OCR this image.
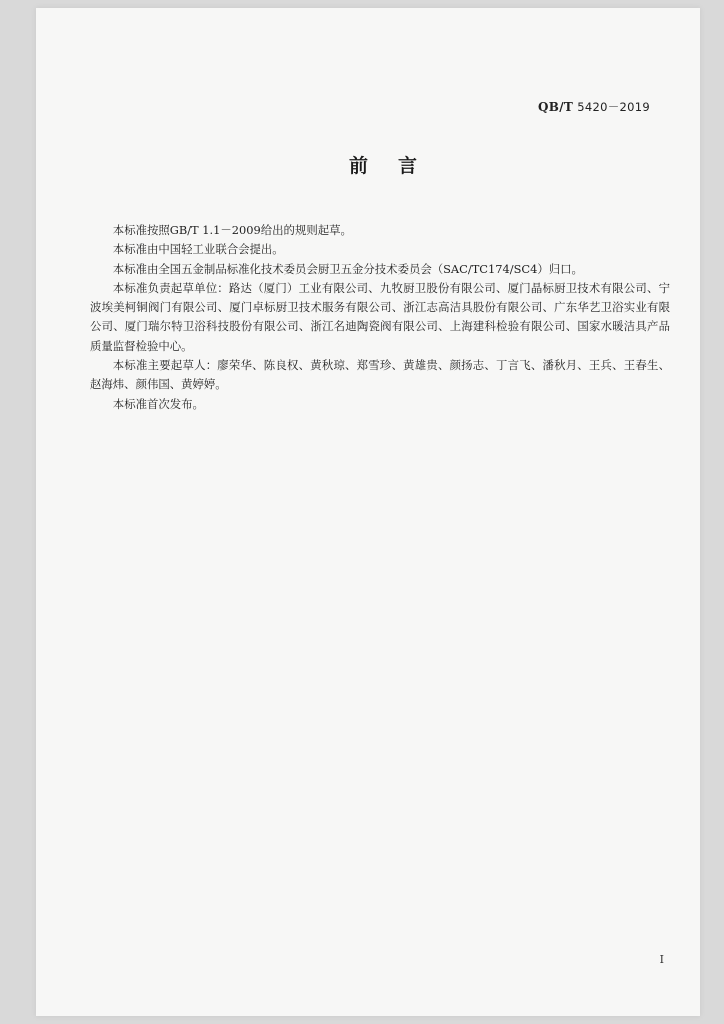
QB/T 5420－2019
前言

本标准按照GB/T 1.1－2009给出的规则起草。

本标准由中国轻工业联合会提出。

本标准由全国五金制品标准化技术委员会厨卫五金分技术委员会（SAC/TC174/SC4）归口。

本标准负责起草单位：路达（厦门）工业有限公司、九牧厨卫股份有限公司、厦门晶标厨卫技术有限公司、宁波埃美柯铜阀门有限公司、厦门卓标厨卫技术服务有限公司、浙江志高洁具股份有限公司、广东华艺卫浴实业有限公司、厦门瑞尔特卫浴科技股份有限公司、浙江名迪陶瓷阀有限公司、上海建科检验有限公司、国家水暖洁具产品质量监督检验中心。

本标准主要起草人：廖荣华、陈良权、黄秋琼、郑雪珍、黄雄贵、颜扬志、丁言飞、潘秋月、王兵、王春生、赵海炜、颜伟国、黄婷婷。

本标准首次发布。

I
